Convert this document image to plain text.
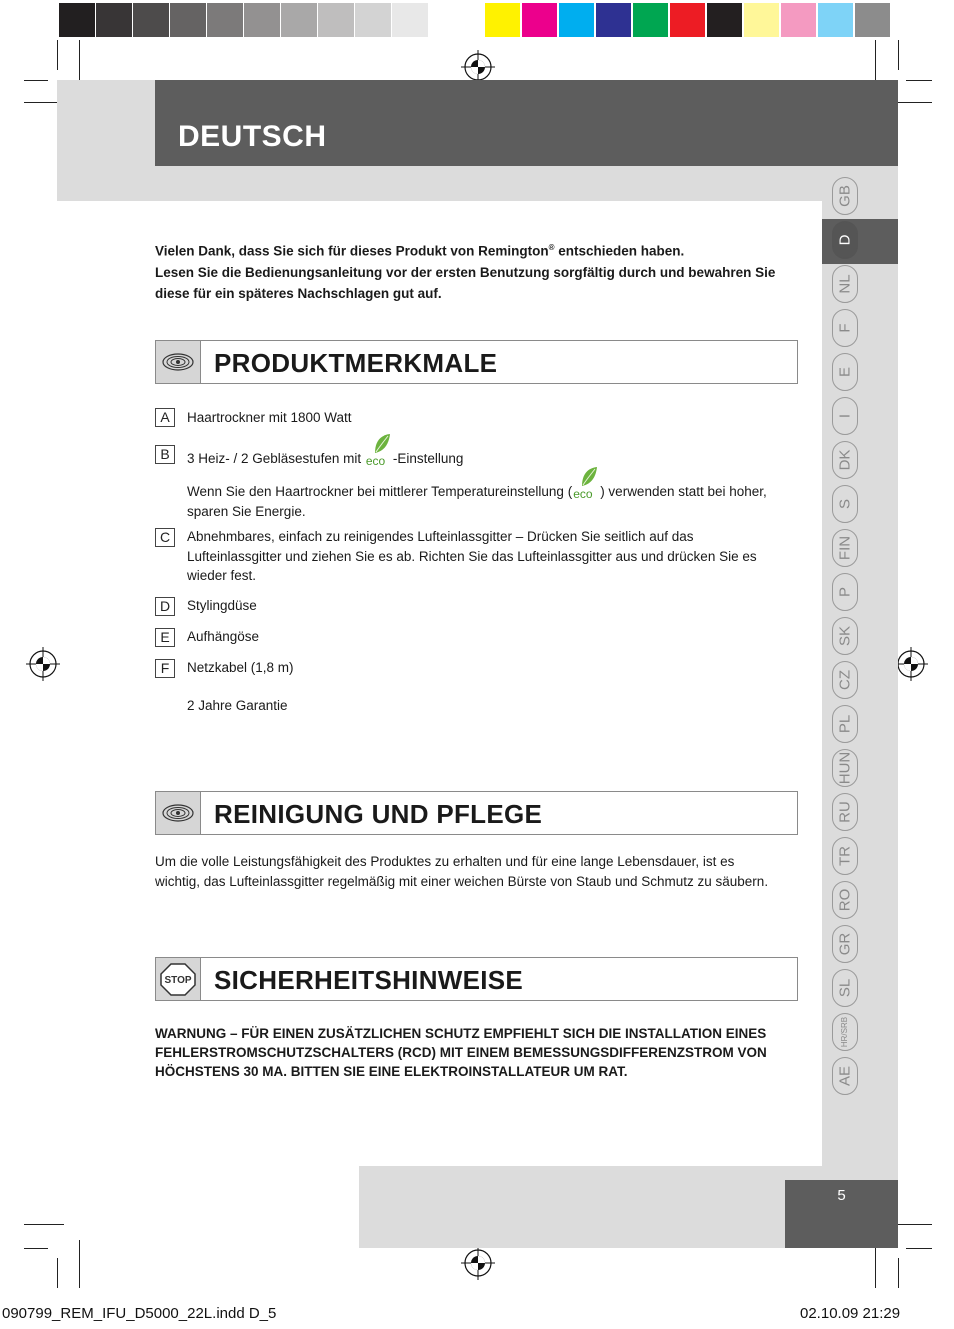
DEUTSCH
GB
D
NL
F
E
I
DK
S
FIN
P
SK
CZ
PL
HUN
RU
TR
RO
GR
SL
HR/SRB
AE
5
Vielen Dank, dass Sie sich für dieses Produkt von Remington® entschieden haben.
Lesen Sie die Bedienungsanleitung vor der ersten Benutzung sorgfältig durch und bewahren Sie diese für ein späteres Nachschlagen gut auf.
PRODUKTMERKMALE
A	Haartrockner mit 1800 Watt
B	3 Heiz- / 2 Gebläsestufen mit eco -Einstellung
Wenn Sie den Haartrockner bei mittlerer Temperatureinstellung ( eco ) verwenden statt bei hoher, sparen Sie Energie.
C	Abnehmbares, einfach zu reinigendes Lufteinlassgitter – Drücken Sie seitlich auf das Lufteinlassgitter und ziehen Sie es ab. Richten Sie das Lufteinlassgitter aus und drücken Sie es wieder fest.
D	Stylingdüse
E	Aufhängöse
F	Netzkabel (1,8 m)
2 Jahre Garantie
REINIGUNG UND PFLEGE
Um die volle Leistungsfähigkeit des Produktes zu erhalten und für eine lange Lebensdauer, ist es wichtig, das Lufteinlassgitter regelmäßig mit einer weichen Bürste von Staub und Schmutz zu säubern.
STOP SICHERHEITSHINWEISE
WARNUNG – FÜR EINEN ZUSÄTZLICHEN SCHUTZ EMPFIEHLT SICH DIE INSTALLATION EINES FEHLERSTROMSCHUTZSCHALTERS (RCD) MIT EINEM BEMESSUNGSDIFFERENZSTROM VON HÖCHSTENS 30 MA. BITTEN SIE EINE ELEKTROINSTALLATEUR UM RAT.
090799_REM_IFU_D5000_22L.indd D_5	02.10.09 21:29
